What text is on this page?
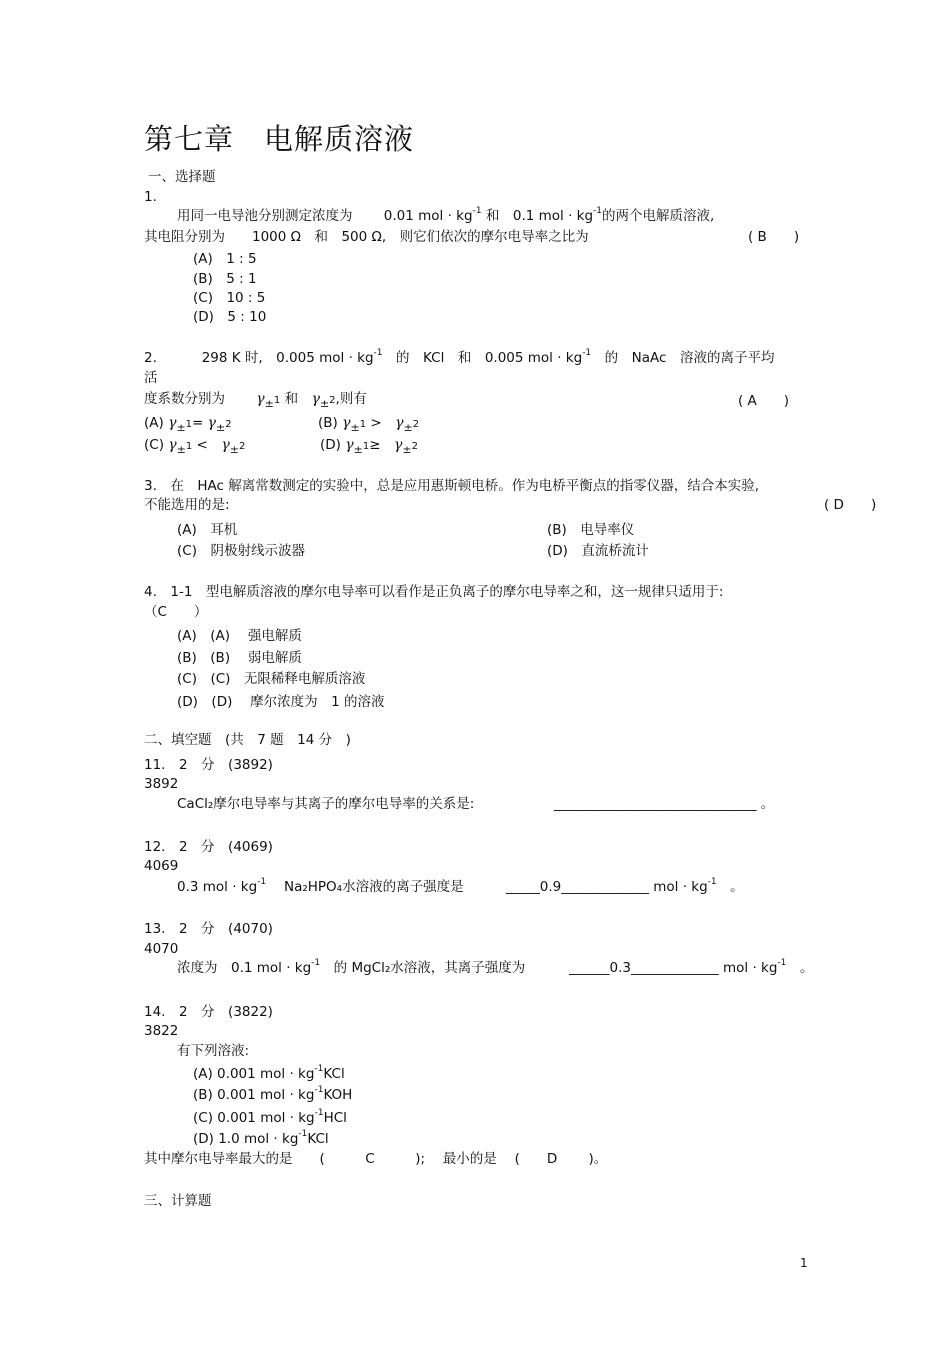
第七章　电解质溶液
一、选择题
1.
用同一电导池分别测定浓度为　　 0.01 mol · $kg^{-1}$ 和　 0.1 mol · $kg^{-1}$的两个电解质溶液,
其电阻分别为　　 1000 Ω　 和　 500 Ω,　 则它们依次的摩尔电导率之比为	( B　　)
(A)　1 : 5
(B)　5 : 1
(C)　10 : 5
(D)　5 : 10
2.　　　	298 K 时,　0.005 mol · $kg^{-1}$　 的　KCl　和　0.005 mol · $kg^{-1}$　 的　NaAc　溶液的离子平均
活
度系数分别为　　 $\gamma_\pm 1$ 和　 $\gamma_\pm 2$,则有	( A　　)
(A) $\gamma_\pm 1= \gamma_\pm 2$	(B) $\gamma_\pm 1$ >　 $\gamma_\pm 2$
(C) $\gamma_\pm 1$ <　 $\gamma_\pm 2$	(D) $\gamma_\pm 1\ge$　 $\gamma_\pm 2$
3.　在　HAc 解离常数测定的实验中，总是应用惠斯顿电桥。作为电桥平衡点的指零仪器，结合本实验,
不能选用的是:	( D　　)
(A)　耳机	(B)　电导率仪
(C)　阴极射线示波器	(D)　直流桥流计
4.　1-1　型电解质溶液的摩尔电导率可以看作是正负离子的摩尔电导率之和，这一规律只适用于:
（C　　）
(A)　(A)　 强电解质
(B)　(B)　 弱电解质
(C)　(C)　无限稀释电解质溶液
(D)　(D)　 摩尔浓度为　1 的溶液
二、填空题　(共　7 题　14 分　)
11.　2　分　(3892)
3892
CaCl₂摩尔电导率与其离子的摩尔电导率的关系是:	______________________________ 。
12.　2　分　(4069)
4069
0.3 mol · $kg^{-1}$　 Na₂HPO₄水溶液的离子强度是	_____0.9_____________ mol · $kg^{-1}$　 。
13.　2　分　(4070)
4070
浓度为　0.1 mol · $kg^{-1}$　 的 MgCl₂水溶液，其离子强度为	______0.3_____________ mol · $kg^{-1}$　 。
14.　2　分　(3822)
3822
有下列溶液:
(A) 0.001 mol · $kg^{-1}KCl$
(B) 0.001 mol · $kg^{-1}KOH$
(C) 0.001 mol · $kg^{-1}HCl$
(D) 1.0 mol · $kg^{-1}KCl$
其中摩尔电导率最大的是　　(　　　C　　　);　 最小的是　 (　　D　　 )。
三、计算题
1
